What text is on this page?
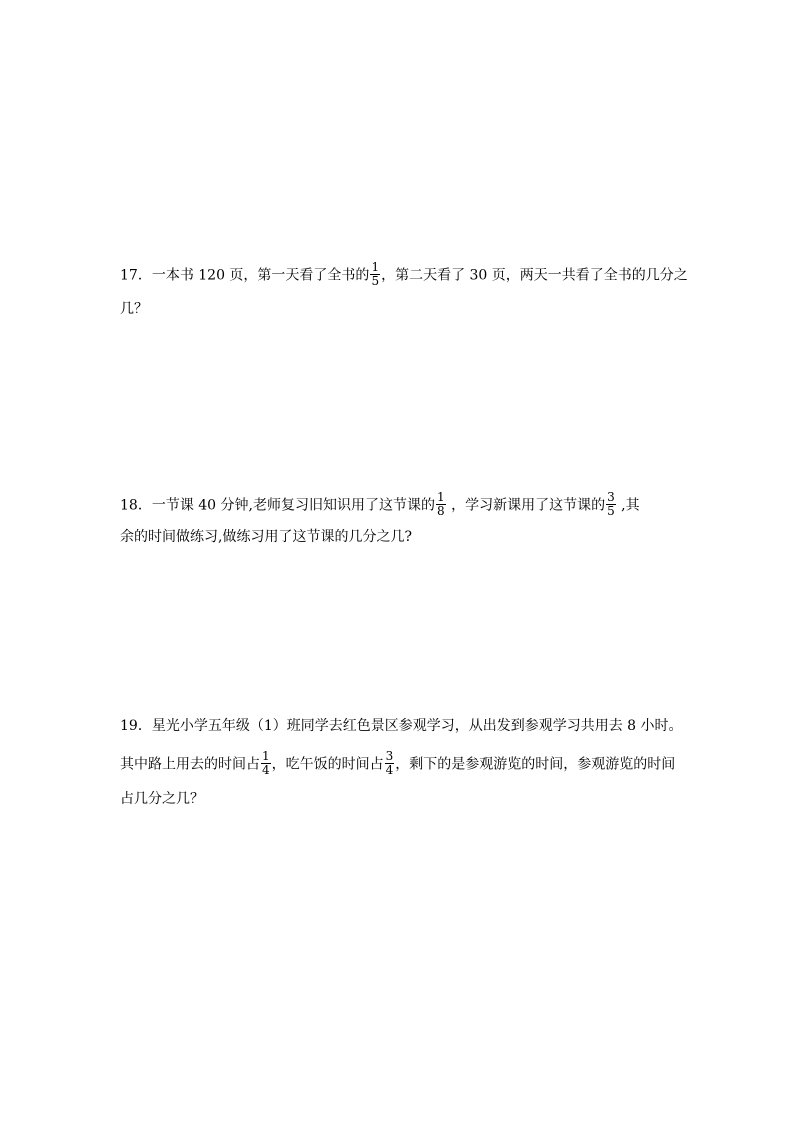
17．一本书 120 页，第一天看了全书的 $\frac{1}{5}$ ，第二天看了 30 页，两天一共看了全书的几分之
几？
18．一节课 40 分钟,老师复习旧知识用了这节课的 $\frac{1}{8}$ ，学习新课用了这节课的 $\frac{3}{5}$ ,其
余的时间做练习,做练习用了这节课的几分之几?
19．星光小学五年级（1）班同学去红色景区参观学习，从出发到参观学习共用去 8 小时。
其中路上用去的时间占 $\frac{1}{4}$ ，吃午饭的时间占 $\frac{3}{4}$ ，剩下的是参观游览的时间，参观游览的时间
占几分之几？
